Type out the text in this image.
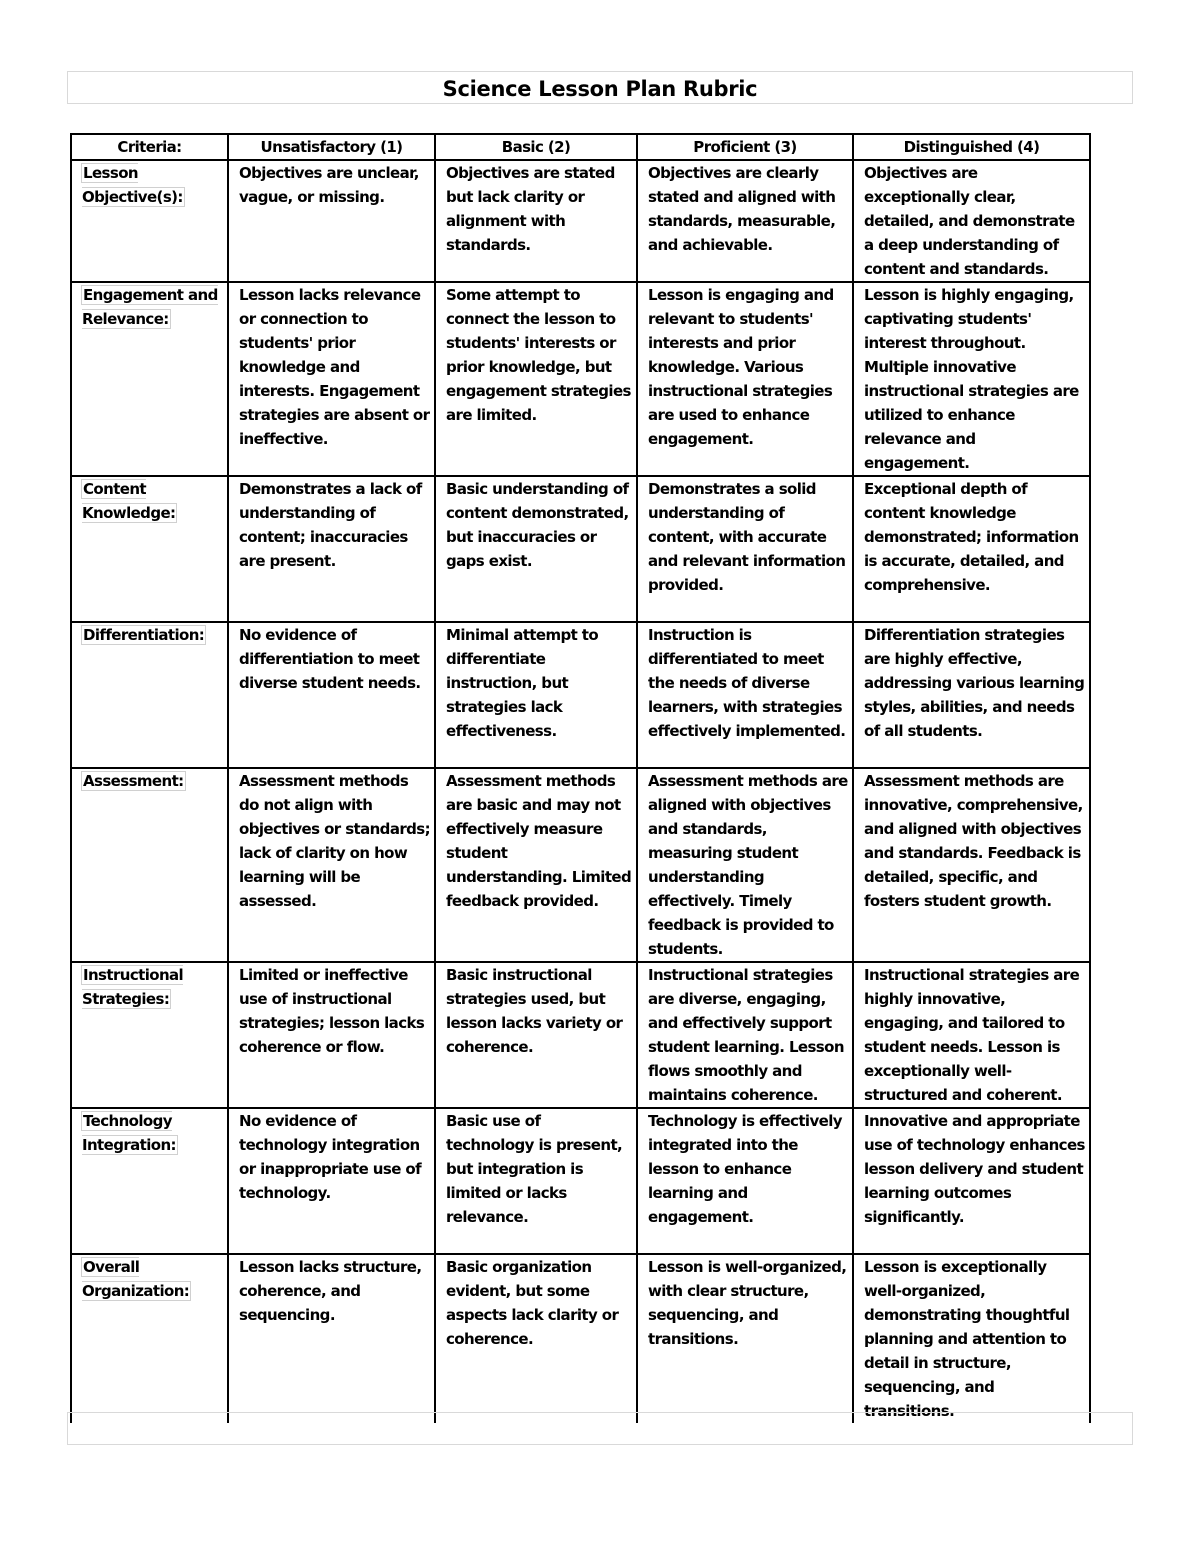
Science Lesson Plan Rubric
Criteria:	Unsatisfactory (1)	Basic (2)	Proficient (3)	Distinguished (4)
Lesson Objective(s):	Objectives are unclear, vague, or missing.	Objectives are stated but lack clarity or alignment with standards.	Objectives are clearly stated and aligned with standards, measurable, and achievable.	Objectives are exceptionally clear, detailed, and demonstrate a deep understanding of content and standards.
Engagement and Relevance:	Lesson lacks relevance or connection to students' prior knowledge and interests. Engagement strategies are absent or ineffective.	Some attempt to connect the lesson to students' interests or prior knowledge, but engagement strategies are limited.	Lesson is engaging and relevant to students' interests and prior knowledge. Various instructional strategies are used to enhance engagement.	Lesson is highly engaging, captivating students' interest throughout. Multiple innovative instructional strategies are utilized to enhance relevance and engagement.
Content Knowledge:	Demonstrates a lack of understanding of content; inaccuracies are present.	Basic understanding of content demonstrated, but inaccuracies or gaps exist.	Demonstrates a solid understanding of content, with accurate and relevant information provided.	Exceptional depth of content knowledge demonstrated; information is accurate, detailed, and comprehensive.
Differentiation:	No evidence of differentiation to meet diverse student needs.	Minimal attempt to differentiate instruction, but strategies lack effectiveness.	Instruction is differentiated to meet the needs of diverse learners, with strategies effectively implemented.	Differentiation strategies are highly effective, addressing various learning styles, abilities, and needs of all students.
Assessment:	Assessment methods do not align with objectives or standards; lack of clarity on how learning will be assessed.	Assessment methods are basic and may not effectively measure student understanding. Limited feedback provided.	Assessment methods are aligned with objectives and standards, measuring student understanding effectively. Timely feedback is provided to students.	Assessment methods are innovative, comprehensive, and aligned with objectives and standards. Feedback is detailed, specific, and fosters student growth.
Instructional Strategies:	Limited or ineffective use of instructional strategies; lesson lacks coherence or flow.	Basic instructional strategies used, but lesson lacks variety or coherence.	Instructional strategies are diverse, engaging, and effectively support student learning. Lesson flows smoothly and maintains coherence.	Instructional strategies are highly innovative, engaging, and tailored to student needs. Lesson is exceptionally well-structured and coherent.
Technology Integration:	No evidence of technology integration or inappropriate use of technology.	Basic use of technology is present, but integration is limited or lacks relevance.	Technology is effectively integrated into the lesson to enhance learning and engagement.	Innovative and appropriate use of technology enhances lesson delivery and student learning outcomes significantly.
Overall Organization:	Lesson lacks structure, coherence, and sequencing.	Basic organization evident, but some aspects lack clarity or coherence.	Lesson is well-organized, with clear structure, sequencing, and transitions.	Lesson is exceptionally well-organized, demonstrating thoughtful planning and attention to detail in structure, sequencing, and transitions.
